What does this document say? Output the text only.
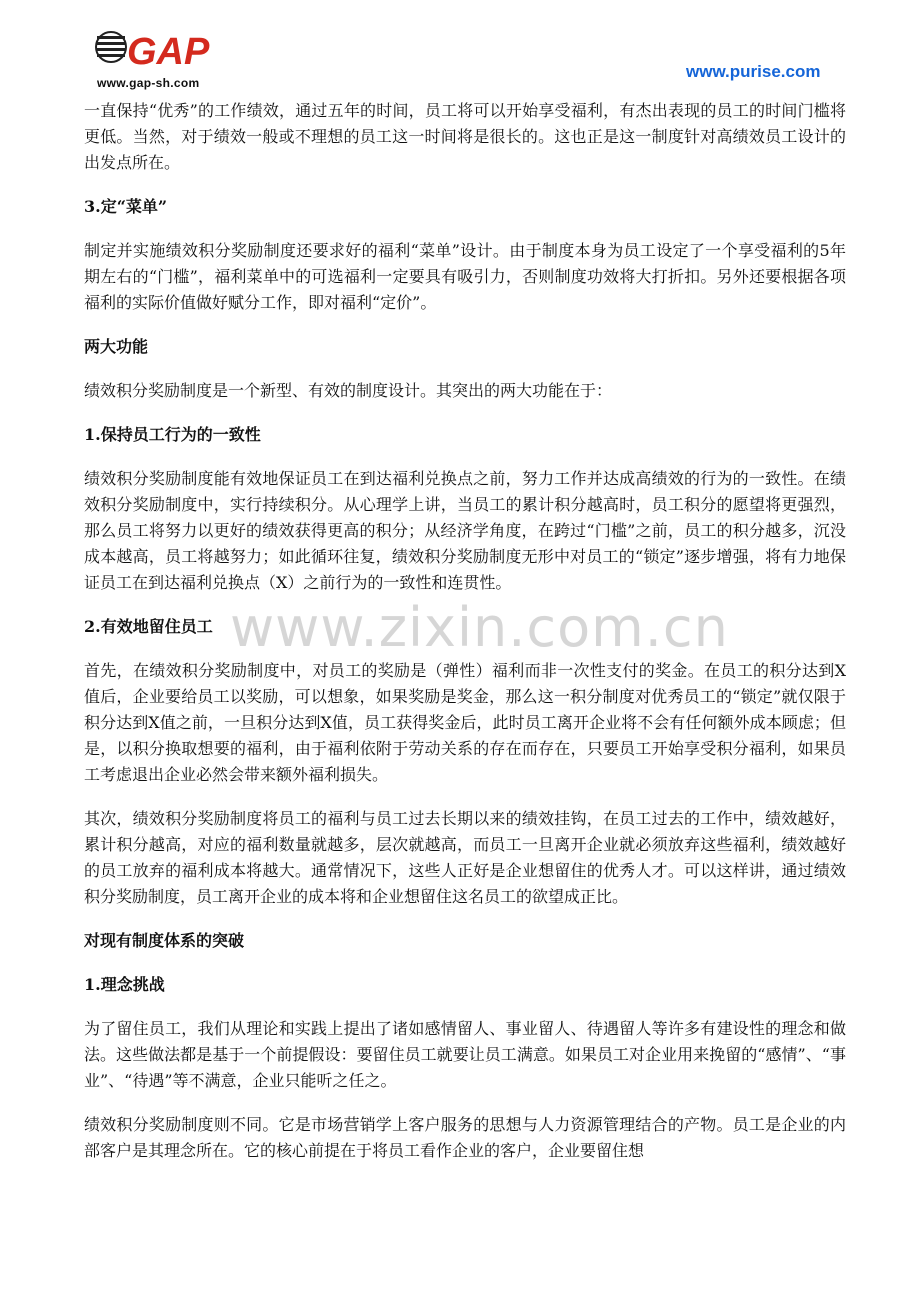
GAP
www.gap-sh.com
www.purise.com
www.zixin.com.cn

一直保持“优秀”的工作绩效，通过五年的时间，员工将可以开始享受福利，有杰出表现的员工的时间门槛将更低。当然，对于绩效一般或不理想的员工这一时间将是很长的。这也正是这一制度针对高绩效员工设计的出发点所在。

3.定“菜单”

制定并实施绩效积分奖励制度还要求好的福利“菜单”设计。由于制度本身为员工设定了一个享受福利的5年期左右的“门槛”，福利菜单中的可选福利一定要具有吸引力，否则制度功效将大打折扣。另外还要根据各项福利的实际价值做好赋分工作，即对福利“定价”。

两大功能

绩效积分奖励制度是一个新型、有效的制度设计。其突出的两大功能在于：

1.保持员工行为的一致性

绩效积分奖励制度能有效地保证员工在到达福利兑换点之前，努力工作并达成高绩效的行为的一致性。在绩效积分奖励制度中，实行持续积分。从心理学上讲，当员工的累计积分越高时，员工积分的愿望将更强烈，那么员工将努力以更好的绩效获得更高的积分；从经济学角度，在跨过“门槛”之前，员工的积分越多，沉没成本越高，员工将越努力；如此循环往复，绩效积分奖励制度无形中对员工的“锁定”逐步增强，将有力地保证员工在到达福利兑换点（X）之前行为的一致性和连贯性。

2.有效地留住员工

首先，在绩效积分奖励制度中，对员工的奖励是（弹性）福利而非一次性支付的奖金。在员工的积分达到X值后，企业要给员工以奖励，可以想象，如果奖励是奖金，那么这一积分制度对优秀员工的“锁定”就仅限于积分达到X值之前，一旦积分达到X值，员工获得奖金后，此时员工离开企业将不会有任何额外成本顾虑；但是，以积分换取想要的福利，由于福利依附于劳动关系的存在而存在，只要员工开始享受积分福利，如果员工考虑退出企业必然会带来额外福利损失。

其次，绩效积分奖励制度将员工的福利与员工过去长期以来的绩效挂钩，在员工过去的工作中，绩效越好，累计积分越高，对应的福利数量就越多，层次就越高，而员工一旦离开企业就必须放弃这些福利，绩效越好的员工放弃的福利成本将越大。通常情况下，这些人正好是企业想留住的优秀人才。可以这样讲，通过绩效积分奖励制度，员工离开企业的成本将和企业想留住这名员工的欲望成正比。

对现有制度体系的突破

1.理念挑战

为了留住员工，我们从理论和实践上提出了诸如感情留人、事业留人、待遇留人等许多有建设性的理念和做法。这些做法都是基于一个前提假设：要留住员工就要让员工满意。如果员工对企业用来挽留的“感情”、“事业”、“待遇”等不满意，企业只能听之任之。

绩效积分奖励制度则不同。它是市场营销学上客户服务的思想与人力资源管理结合的产物。员工是企业的内部客户是其理念所在。它的核心前提在于将员工看作企业的客户，企业要留住想
